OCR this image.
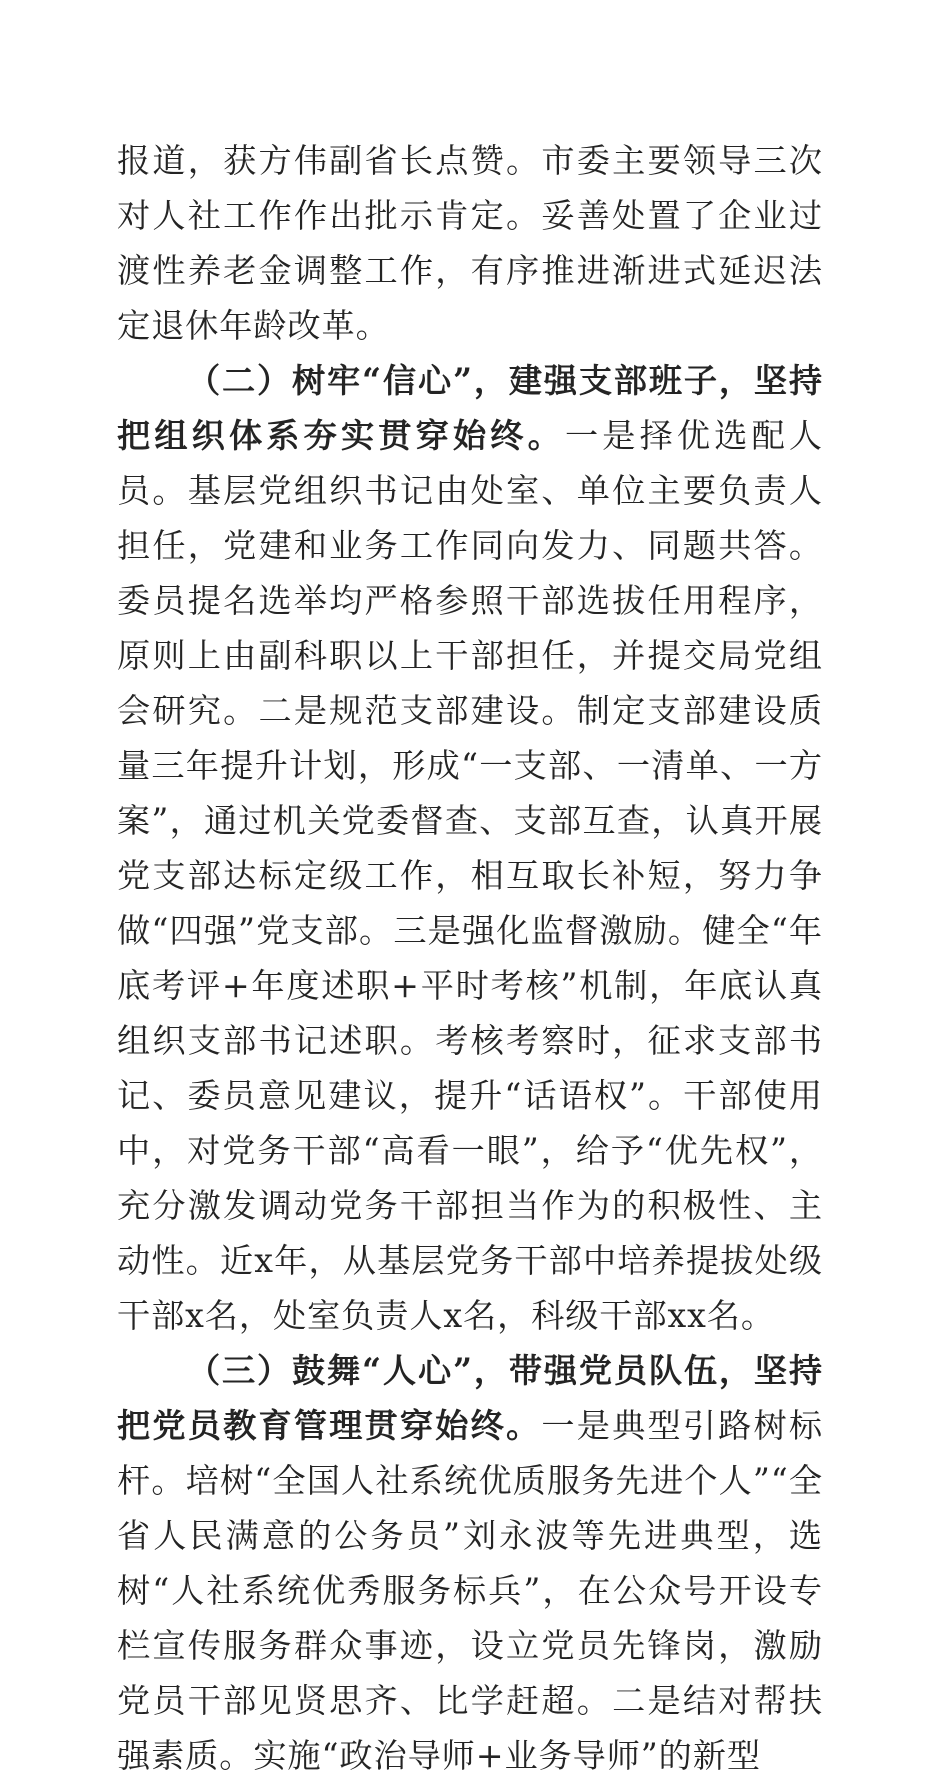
报道，获方伟副省长点赞。市委主要领导三次对人社工作作出批示肯定。妥善处置了企业过渡性养老金调整工作，有序推进渐进式延迟法定退休年龄改革。

（二）树牢“信心”，建强支部班子，坚持把组织体系夯实贯穿始终。一是择优选配人员。基层党组织书记由处室、单位主要负责人担任，党建和业务工作同向发力、同题共答。委员提名选举均严格参照干部选拔任用程序，原则上由副科职以上干部担任，并提交局党组会研究。二是规范支部建设。制定支部建设质量三年提升计划，形成“一支部、一清单、一方案”，通过机关党委督查、支部互查，认真开展党支部达标定级工作，相互取长补短，努力争做“四强”党支部。三是强化监督激励。健全“年底考评+年度述职+平时考核”机制，年底认真组织支部书记述职。考核考察时，征求支部书记、委员意见建议，提升“话语权”。干部使用中，对党务干部“高看一眼”，给予“优先权”，充分激发调动党务干部担当作为的积极性、主动性。近x年，从基层党务干部中培养提拔处级干部x名，处室负责人x名，科级干部xx名。

（三）鼓舞“人心”，带强党员队伍，坚持把党员教育管理贯穿始终。一是典型引路树标杆。培树“全国人社系统优质服务先进个人”“全省人民满意的公务员”刘永波等先进典型，选树“人社系统优秀服务标兵”，在公众号开设专栏宣传服务群众事迹，设立党员先锋岗，激励党员干部见贤思齐、比学赶超。二是结对帮扶强素质。实施“政治导师+业务导师”的新型
